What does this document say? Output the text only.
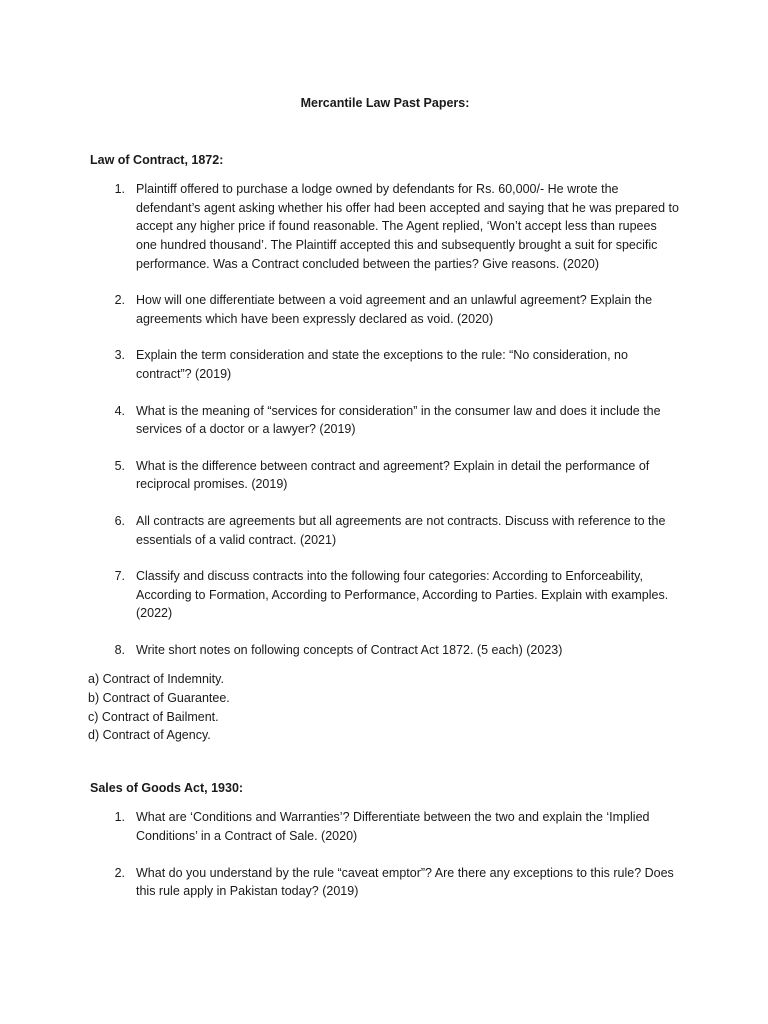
Mercantile Law Past Papers:
Law of Contract, 1872:
1. Plaintiff offered to purchase a lodge owned by defendants for Rs. 60,000/- He wrote the defendant’s agent asking whether his offer had been accepted and saying that he was prepared to accept any higher price if found reasonable. The Agent replied, ‘Won’t accept less than rupees one hundred thousand’. The Plaintiff accepted this and subsequently brought a suit for specific performance. Was a Contract concluded between the parties? Give reasons. (2020)
2. How will one differentiate between a void agreement and an unlawful agreement? Explain the agreements which have been expressly declared as void. (2020)
3. Explain the term consideration and state the exceptions to the rule: “No consideration, no contract”? (2019)
4. What is the meaning of “services for consideration” in the consumer law and does it include the services of a doctor or a lawyer? (2019)
5. What is the difference between contract and agreement? Explain in detail the performance of reciprocal promises. (2019)
6. All contracts are agreements but all agreements are not contracts. Discuss with reference to the essentials of a valid contract. (2021)
7. Classify and discuss contracts into the following four categories: According to Enforceability, According to Formation, According to Performance, According to Parties. Explain with examples. (2022)
8. Write short notes on following concepts of Contract Act 1872. (5 each) (2023)
a) Contract of Indemnity.
b) Contract of Guarantee.
c) Contract of Bailment.
d) Contract of Agency.
Sales of Goods Act, 1930:
1. What are ‘Conditions and Warranties’? Differentiate between the two and explain the ‘Implied Conditions’ in a Contract of Sale. (2020)
2. What do you understand by the rule “caveat emptor”? Are there any exceptions to this rule? Does this rule apply in Pakistan today? (2019)
